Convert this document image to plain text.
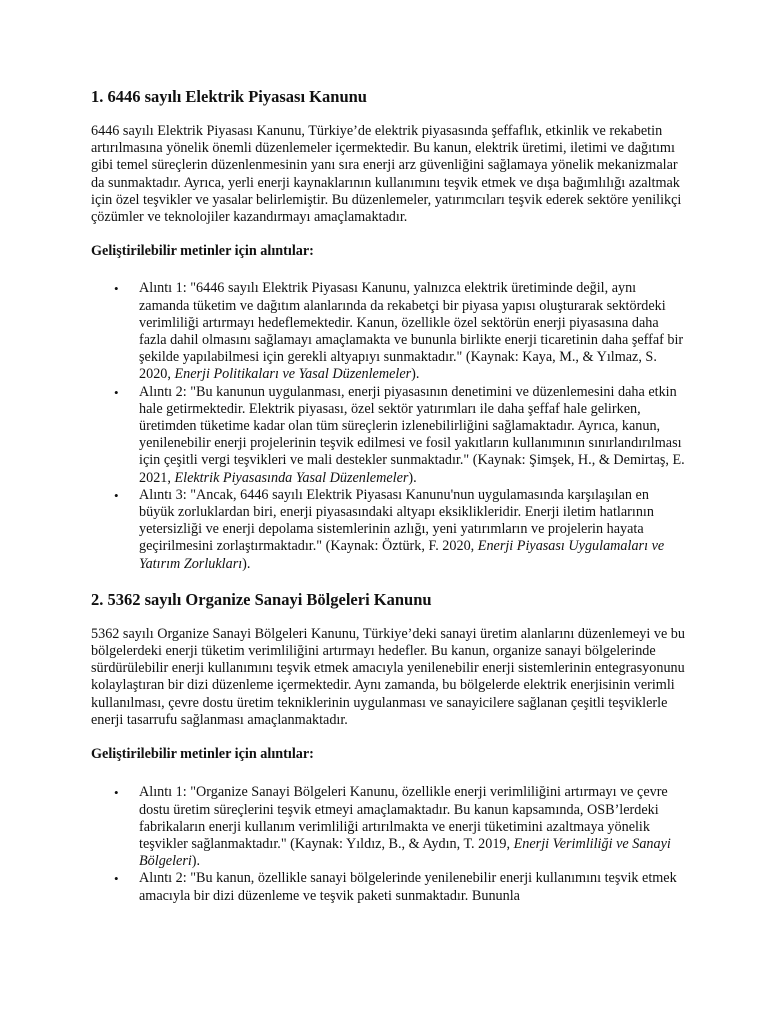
1. 6446 sayılı Elektrik Piyasası Kanunu

6446 sayılı Elektrik Piyasası Kanunu, Türkiye’de elektrik piyasasında şeffaflık, etkinlik ve rekabetin artırılmasına yönelik önemli düzenlemeler içermektedir. Bu kanun, elektrik üretimi, iletimi ve dağıtımı gibi temel süreçlerin düzenlenmesinin yanı sıra enerji arz güvenliğini sağlamaya yönelik mekanizmalar da sunmaktadır. Ayrıca, yerli enerji kaynaklarının kullanımını teşvik etmek ve dışa bağımlılığı azaltmak için özel teşvikler ve yasalar belirlemiştir. Bu düzenlemeler, yatırımcıları teşvik ederek sektöre yenilikçi çözümler ve teknolojiler kazandırmayı amaçlamaktadır.

Geliştirilebilir metinler için alıntılar:

• Alıntı 1: "6446 sayılı Elektrik Piyasası Kanunu, yalnızca elektrik üretiminde değil, aynı zamanda tüketim ve dağıtım alanlarında da rekabetçi bir piyasa yapısı oluşturarak sektördeki verimliliği artırmayı hedeflemektedir. Kanun, özellikle özel sektörün enerji piyasasına daha fazla dahil olmasını sağlamayı amaçlamakta ve bununla birlikte enerji ticaretinin daha şeffaf bir şekilde yapılabilmesi için gerekli altyapıyı sunmaktadır." (Kaynak: Kaya, M., & Yılmaz, S. 2020, Enerji Politikaları ve Yasal Düzenlemeler).
• Alıntı 2: "Bu kanunun uygulanması, enerji piyasasının denetimini ve düzenlemesini daha etkin hale getirmektedir. Elektrik piyasası, özel sektör yatırımları ile daha şeffaf hale gelirken, üretimden tüketime kadar olan tüm süreçlerin izlenebilirliğini sağlamaktadır. Ayrıca, kanun, yenilenebilir enerji projelerinin teşvik edilmesi ve fosil yakıtların kullanımının sınırlandırılması için çeşitli vergi teşvikleri ve mali destekler sunmaktadır." (Kaynak: Şimşek, H., & Demirtaş, E. 2021, Elektrik Piyasasında Yasal Düzenlemeler).
• Alıntı 3: "Ancak, 6446 sayılı Elektrik Piyasası Kanunu'nun uygulamasında karşılaşılan en büyük zorluklardan biri, enerji piyasasındaki altyapı eksiklikleridir. Enerji iletim hatlarının yetersizliği ve enerji depolama sistemlerinin azlığı, yeni yatırımların ve projelerin hayata geçirilmesini zorlaştırmaktadır." (Kaynak: Öztürk, F. 2020, Enerji Piyasası Uygulamaları ve Yatırım Zorlukları).
2. 5362 sayılı Organize Sanayi Bölgeleri Kanunu

5362 sayılı Organize Sanayi Bölgeleri Kanunu, Türkiye’deki sanayi üretim alanlarını düzenlemeyi ve bu bölgelerdeki enerji tüketim verimliliğini artırmayı hedefler. Bu kanun, organize sanayi bölgelerinde sürdürülebilir enerji kullanımını teşvik etmek amacıyla yenilenebilir enerji sistemlerinin entegrasyonunu kolaylaştıran bir dizi düzenleme içermektedir. Aynı zamanda, bu bölgelerde elektrik enerjisinin verimli kullanılması, çevre dostu üretim tekniklerinin uygulanması ve sanayicilere sağlanan çeşitli teşviklerle enerji tasarrufu sağlanması amaçlanmaktadır.

Geliştirilebilir metinler için alıntılar:

• Alıntı 1: "Organize Sanayi Bölgeleri Kanunu, özellikle enerji verimliliğini artırmayı ve çevre dostu üretim süreçlerini teşvik etmeyi amaçlamaktadır. Bu kanun kapsamında, OSB’lerdeki fabrikaların enerji kullanım verimliliği artırılmakta ve enerji tüketimini azaltmaya yönelik teşvikler sağlanmaktadır." (Kaynak: Yıldız, B., & Aydın, T. 2019, Enerji Verimliliği ve Sanayi Bölgeleri).
• Alıntı 2: "Bu kanun, özellikle sanayi bölgelerinde yenilenebilir enerji kullanımını teşvik etmek amacıyla bir dizi düzenleme ve teşvik paketi sunmaktadır. Bununla
